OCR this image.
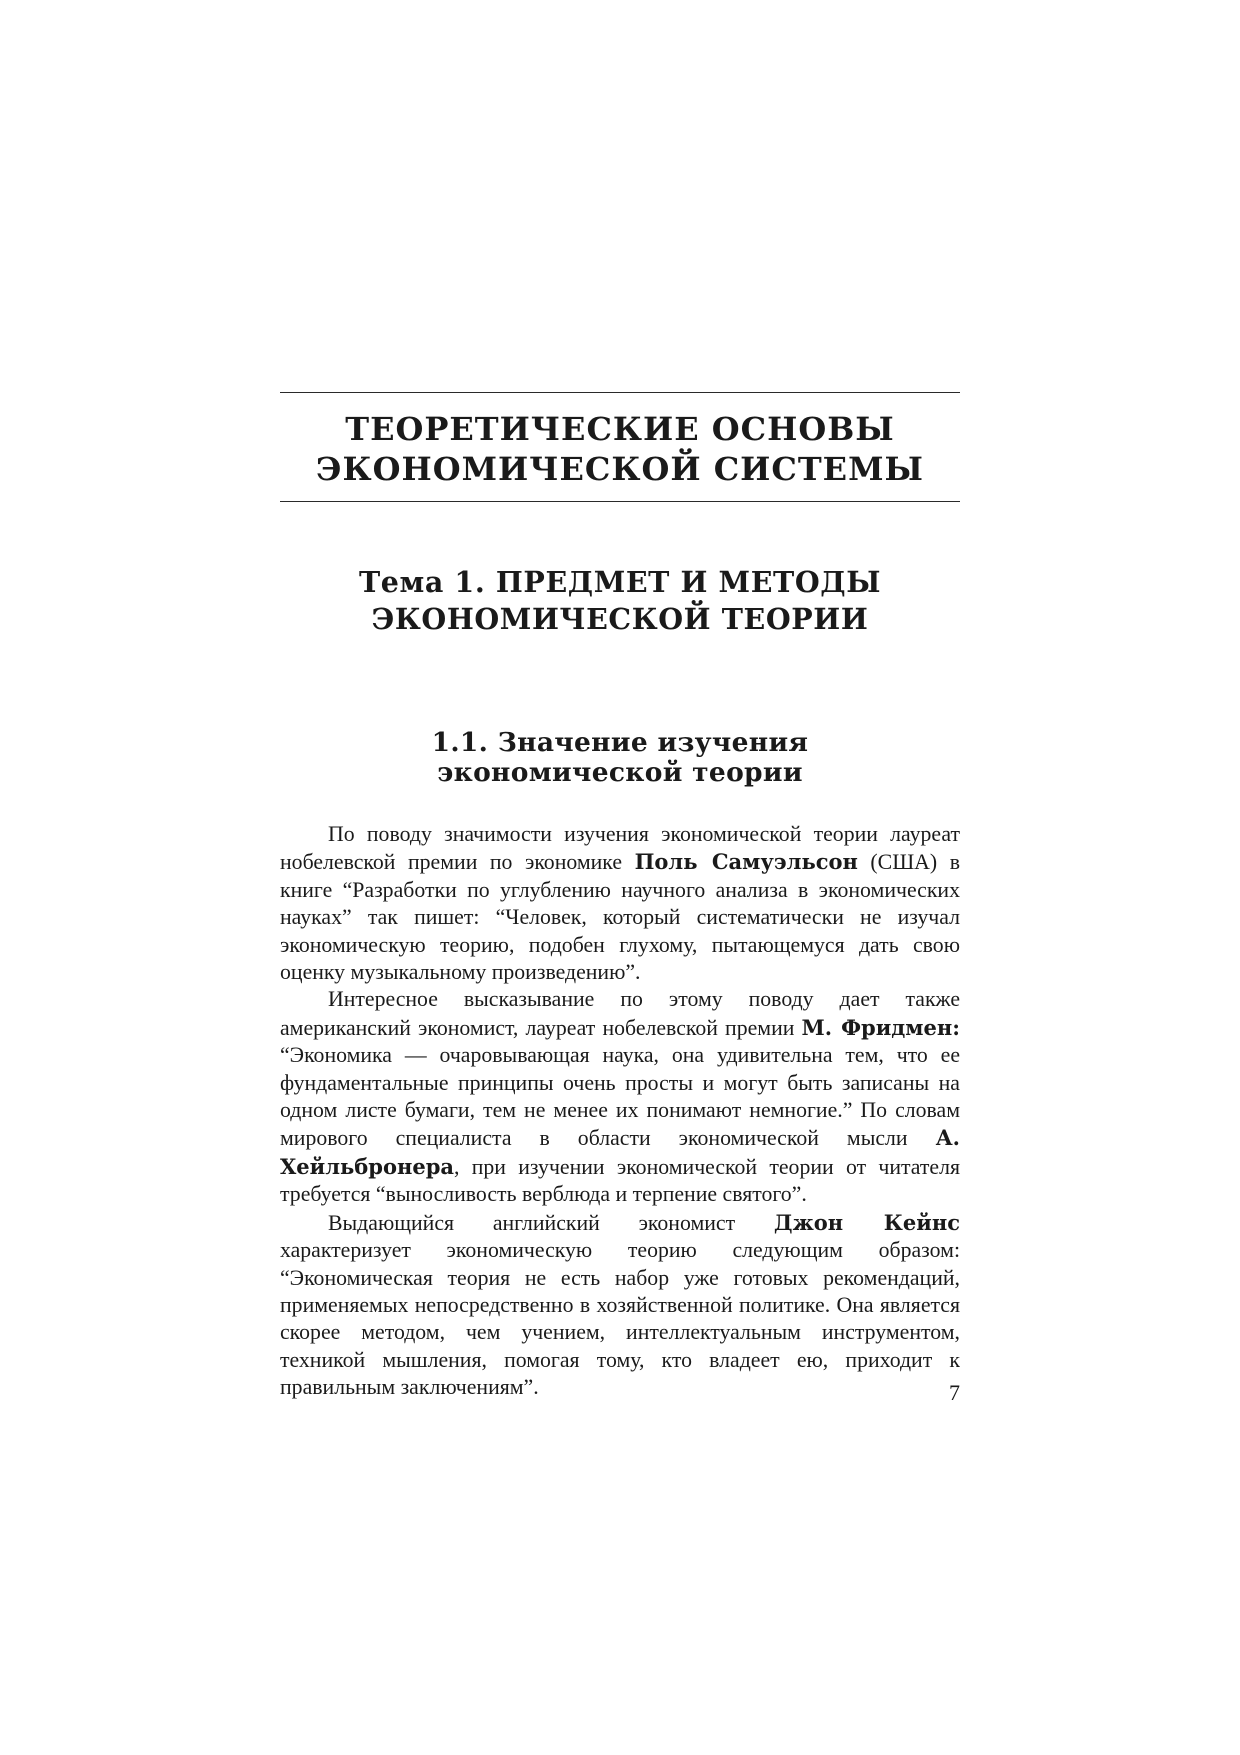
ТЕОРЕТИЧЕСКИЕ ОСНОВЫ
ЭКОНОМИЧЕСКОЙ СИСТЕМЫ
Тема 1. ПРЕДМЕТ И МЕТОДЫ
ЭКОНОМИЧЕСКОЙ ТЕОРИИ
1.1. Значение изучения
экономической теории

По поводу значимости изучения экономической теории лауреат нобелевской премии по экономике Поль Самуэльсон (США) в книге “Разработки по углублению научного анализа в экономических науках” так пишет: “Человек, который систематически не изучал экономическую теорию, подобен глухому, пытающемуся дать свою оценку музыкальному произведению”.

Интересное высказывание по этому поводу дает также американский экономист, лауреат нобелевской премии М. Фридмен: “Экономика — очаровывающая наука, она удивительна тем, что ее фундаментальные принципы очень просты и могут быть записаны на одном листе бумаги, тем не менее их понимают немногие.” По словам мирового специалиста в области экономической мысли А. Хейльбронера, при изучении экономической теории от читателя требуется “выносливость верблюда и терпение святого”.

Выдающийся английский экономист Джон Кейнс характеризует экономическую теорию следующим образом: “Экономическая теория не есть набор уже готовых рекомендаций, применяемых непосредственно в хозяйственной политике. Она является скорее методом, чем учением, интеллектуальным инструментом, техникой мышления, помогая тому, кто владеет ею, приходит к правильным заключениям”.	7
